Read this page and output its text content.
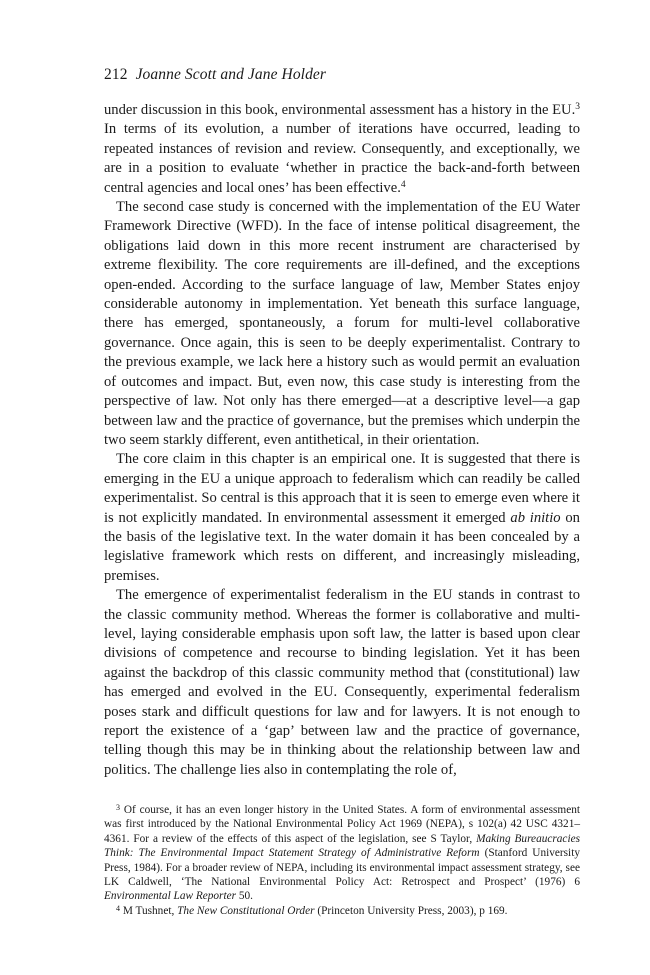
212 Joanne Scott and Jane Holder

under discussion in this book, environmental assessment has a history in the EU.$^3$ In terms of its evolution, a number of iterations have occurred, leading to repeated instances of revision and review. Consequently, and exceptionally, we are in a position to evaluate ‘whether in practice the back-and-forth between central agencies and local ones’ has been effective.$^4$

The second case study is concerned with the implementation of the EU Water Framework Directive (WFD). In the face of intense political disagreement, the obligations laid down in this more recent instrument are characterised by extreme flexibility. The core requirements are ill-defined, and the exceptions open-ended. According to the surface language of law, Member States enjoy considerable autonomy in implementation. Yet beneath this surface language, there has emerged, spontaneously, a forum for multi-level collaborative governance. Once again, this is seen to be deeply experimentalist. Contrary to the previous example, we lack here a history such as would permit an evaluation of outcomes and impact. But, even now, this case study is interesting from the perspective of law. Not only has there emerged—at a descriptive level—a gap between law and the practice of governance, but the premises which underpin the two seem starkly different, even antithetical, in their orientation.

The core claim in this chapter is an empirical one. It is suggested that there is emerging in the EU a unique approach to federalism which can readily be called experimentalist. So central is this approach that it is seen to emerge even where it is not explicitly mandated. In environmental assessment it emerged ab initio on the basis of the legislative text. In the water domain it has been concealed by a legislative framework which rests on different, and increasingly misleading, premises.

The emergence of experimentalist federalism in the EU stands in contrast to the classic community method. Whereas the former is collaborative and multi-level, laying considerable emphasis upon soft law, the latter is based upon clear divisions of competence and recourse to binding legislation. Yet it has been against the backdrop of this classic community method that (constitutional) law has emerged and evolved in the EU. Consequently, experimental federalism poses stark and difficult questions for law and for lawyers. It is not enough to report the existence of a ‘gap’ between law and the practice of governance, telling though this may be in thinking about the relationship between law and politics. The challenge lies also in contemplating the role of,

$^3$ Of course, it has an even longer history in the United States. A form of environmental assessment was first introduced by the National Environmental Policy Act 1969 (NEPA), s 102(a) 42 USC 4321–4361. For a review of the effects of this aspect of the legislation, see S Taylor, Making Bureaucracies Think: The Environmental Impact Statement Strategy of Administrative Reform (Stanford University Press, 1984). For a broader review of NEPA, including its environmental impact assessment strategy, see LK Caldwell, ‘The National Environmental Policy Act: Retrospect and Prospect’ (1976) 6 Environmental Law Reporter 50.

$^4$ M Tushnet, The New Constitutional Order (Princeton University Press, 2003), p 169.
